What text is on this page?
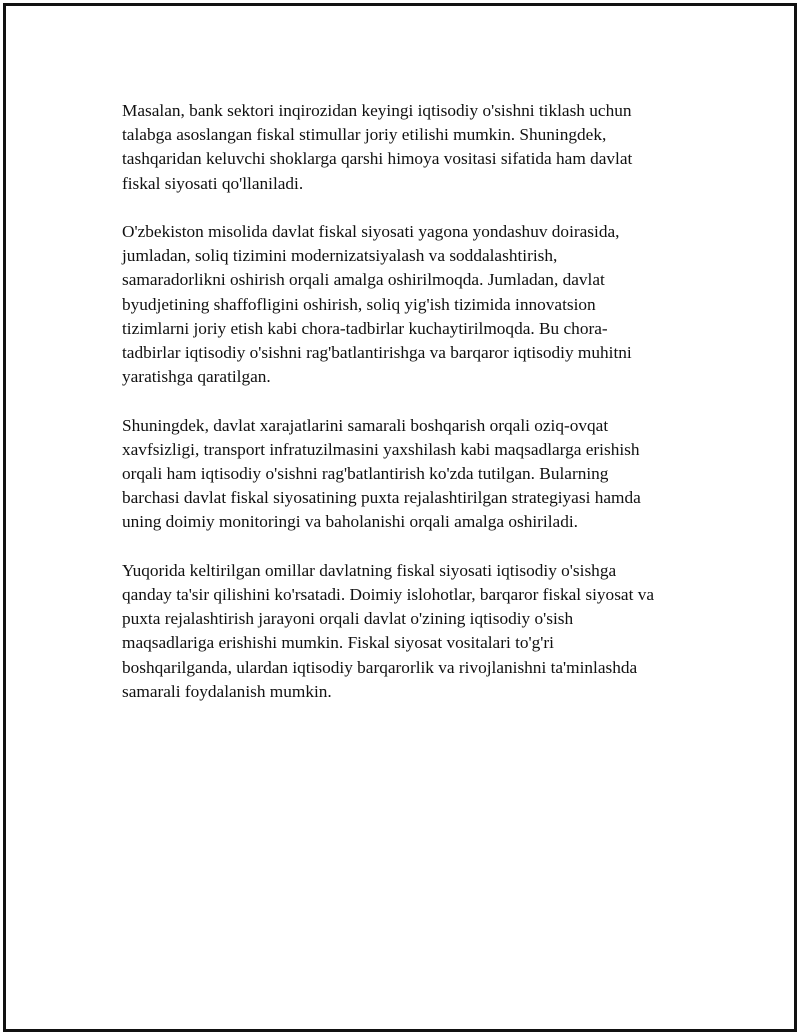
Masalan, bank sektori inqirozidan keyingi iqtisodiy o'sishni tiklash uchun
talabga asoslangan fiskal stimullar joriy etilishi mumkin. Shuningdek,
tashqaridan keluvchi shoklarga qarshi himoya vositasi sifatida ham davlat
fiskal siyosati qo'llaniladi.

O'zbekiston misolida davlat fiskal siyosati yagona yondashuv doirasida,
jumladan, soliq tizimini modernizatsiyalash va soddalashtirish,
samaradorlikni oshirish orqali amalga oshirilmoqda. Jumladan, davlat
byudjetining shaffofligini oshirish, soliq yig'ish tizimida innovatsion
tizimlarni joriy etish kabi chora-tadbirlar kuchaytirilmoqda. Bu chora-
tadbirlar iqtisodiy o'sishni rag'batlantirishga va barqaror iqtisodiy muhitni
yaratishga qaratilgan.

Shuningdek, davlat xarajatlarini samarali boshqarish orqali oziq-ovqat
xavfsizligi, transport infratuzilmasini yaxshilash kabi maqsadlarga erishish
orqali ham iqtisodiy o'sishni rag'batlantirish ko'zda tutilgan. Bularning
barchasi davlat fiskal siyosatining puxta rejalashtirilgan strategiyasi hamda
uning doimiy monitoringi va baholanishi orqali amalga oshiriladi.

Yuqorida keltirilgan omillar davlatning fiskal siyosati iqtisodiy o'sishga
qanday ta'sir qilishini ko'rsatadi. Doimiy islohotlar, barqaror fiskal siyosat va
puxta rejalashtirish jarayoni orqali davlat o'zining iqtisodiy o'sish
maqsadlariga erishishi mumkin. Fiskal siyosat vositalari to'g'ri
boshqarilganda, ulardan iqtisodiy barqarorlik va rivojlanishni ta'minlashda
samarali foydalanish mumkin.
